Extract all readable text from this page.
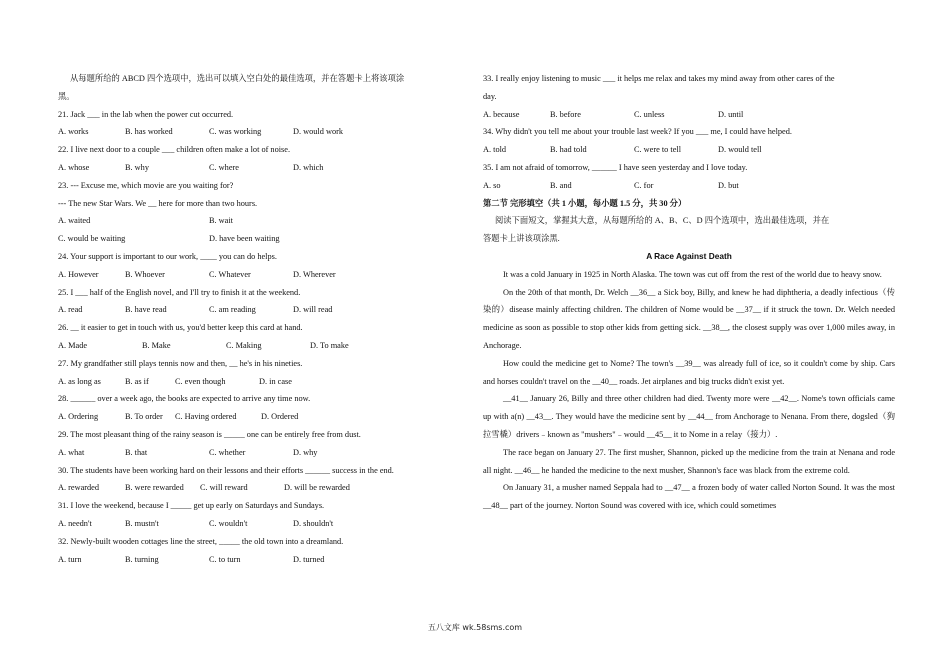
从每题所给的 ABCD 四个选项中，选出可以填入空白处的最佳选项，并在答题卡上将该项涂
黑。
21. Jack ___ in the lab when the power cut occurred.
A. works	B. has worked	C. was working	D. would work
22. I live next door to a couple ___ children often make a lot of noise.
A. whose	B. why	C. where	D. which
23. --- Excuse me, which movie are you waiting for?
--- The new Star Wars. We __ here for more than two hours.
A. waited	B. wait
C. would be waiting	D. have been waiting
24. Your support is important to our work, ____ you can do helps.
A. However	B. Whoever	C. Whatever	D. Wherever
25. I ___ half of the English novel, and I'll try to finish it at the weekend.
A. read	B. have read	C. am reading	D. will read
26. __ it easier to get in touch with us, you'd better keep this card at hand.
A. Made	B. Make	C. Making	D. To make
27. My grandfather still plays tennis now and then, __ he's in his nineties.
A. as long as	B. as if	C. even though	D. in case
28. ______ over a week ago, the books are expected to arrive any time now.
A. Ordering	B. To order	C. Having ordered	D. Ordered
29. The most pleasant thing of the rainy season is _____ one can be entirely free from dust.
A. what	B. that	C. whether	D. why
30. The students have been working hard on their lessons and their efforts ______ success in the end.
A. rewarded	B. were rewarded	C. will reward	D. will be rewarded
31. I love the weekend, because I _____ get up early on Saturdays and Sundays.
A. needn't	B. mustn't	C. wouldn't	D. shouldn't
32. Newly-built wooden cottages line the street, _____ the old town into a dreamland.
A. turn	B. turning	C. to turn	D. turned
33. I really enjoy listening to music ___ it helps me relax and takes my mind away from other cares of the
day.
A. because	B. before	C. unless	D. until
34. Why didn't you tell me about your trouble last week? If you ___ me, I could have helped.
A. told	B. had told	C. were to tell	D. would tell
35. I am not afraid of tomorrow, ______ I have seen yesterday and I love today.
A. so	B. and	C. for	D. but
第二节 完形填空（共 1 小题，每小题 1.5 分，共 30 分）
阅读下面短文，掌握其大意，从每题所给的 A、B、C、D 四个选项中，选出最佳选项，并在
答题卡上讲该项涂黑.
A Race Against Death

It was a cold January in 1925 in North Alaska. The town was cut off from the rest of the world due to heavy snow.

On the 20th of that month, Dr. Welch __36__ a Sick boy, Billy, and knew he had diphtheria, a deadly infectious（传染的）disease mainly affecting children. The children of Nome would be __37__ if it struck the town. Dr. Welch needed medicine as soon as possible to stop other kids from getting sick. __38__, the closest supply was over 1,000 miles away, in Anchorage.

How could the medicine get to Nome? The town's __39__ was already full of ice, so it couldn't come by ship. Cars and horses couldn't travel on the __40__ roads. Jet airplanes and big trucks didn't exist yet.

__41__ January 26, Billy and three other children had died. Twenty more were __42__. Nome's town officials came up with a(n) __43__. They would have the medicine sent by __44__ from Anchorage to Nenana. From there, dogsled（狗拉雪橇）drivers﹣known as "mushers"﹣would __45__ it to Nome in a relay（接力）.

The race began on January 27. The first musher, Shannon, picked up the medicine from the train at Nenana and rode all night. __46__ he handed the medicine to the next musher, Shannon's face was black from the extreme cold.

On January 31, a musher named Seppala had to __47__ a frozen body of water called Norton Sound. It was the most __48__ part of the journey. Norton Sound was covered with ice, which could sometimes

五八文库 wk.58sms.com
